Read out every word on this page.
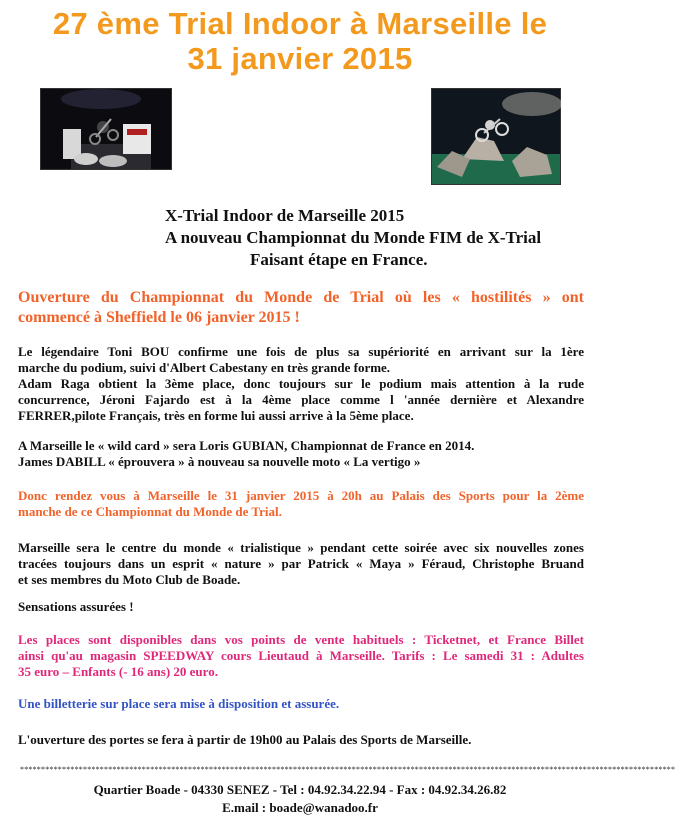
27 ème Trial Indoor à Marseille le
31 janvier 2015
X-Trial Indoor de Marseille 2015
A nouveau Championnat du Monde FIM de X-Trial
Faisant étape en France.
Ouverture du Championnat du Monde de Trial où les « hostilités » ont
commencé à Sheffield le 06 janvier 2015 !
Le légendaire Toni BOU confirme une fois de plus sa supériorité en arrivant sur la 1ère
marche du podium, suivi d'Albert Cabestany en très grande forme.
Adam Raga obtient la 3ème place, donc toujours sur le podium mais attention à la rude
concurrence, Jéroni Fajardo est à la 4ème place comme l 'année dernière et Alexandre
FERRER,pilote Français, très en forme lui aussi arrive à la 5ème place.
A Marseille le « wild card » sera Loris GUBIAN, Championnat de France en 2014.
James DABILL « éprouvera » à nouveau sa nouvelle moto « La vertigo »
Donc rendez vous à Marseille le 31 janvier 2015 à 20h au Palais des Sports pour la 2ème
manche de ce Championnat du Monde de Trial.
Marseille sera le centre du monde « trialistique » pendant cette soirée avec six nouvelles zones
tracées toujours dans un esprit « nature » par Patrick « Maya » Féraud, Christophe Bruand
et ses membres du Moto Club de Boade.
Sensations assurées !
Les places sont disponibles dans vos points de vente habituels : Ticketnet, et France Billet
ainsi qu'au magasin SPEEDWAY cours Lieutaud à Marseille. Tarifs : Le samedi 31 : Adultes
35 euro – Enfants (- 16 ans) 20 euro.
Une billetterie sur place sera mise à disposition et assurée.
L'ouverture des portes se fera à partir de 19h00 au Palais des Sports de Marseille.
************************************************************************************************************************************************************
Quartier Boade - 04330 SENEZ - Tel : 04.92.34.22.94 - Fax : 04.92.34.26.82
E.mail : boade@wanadoo.fr
